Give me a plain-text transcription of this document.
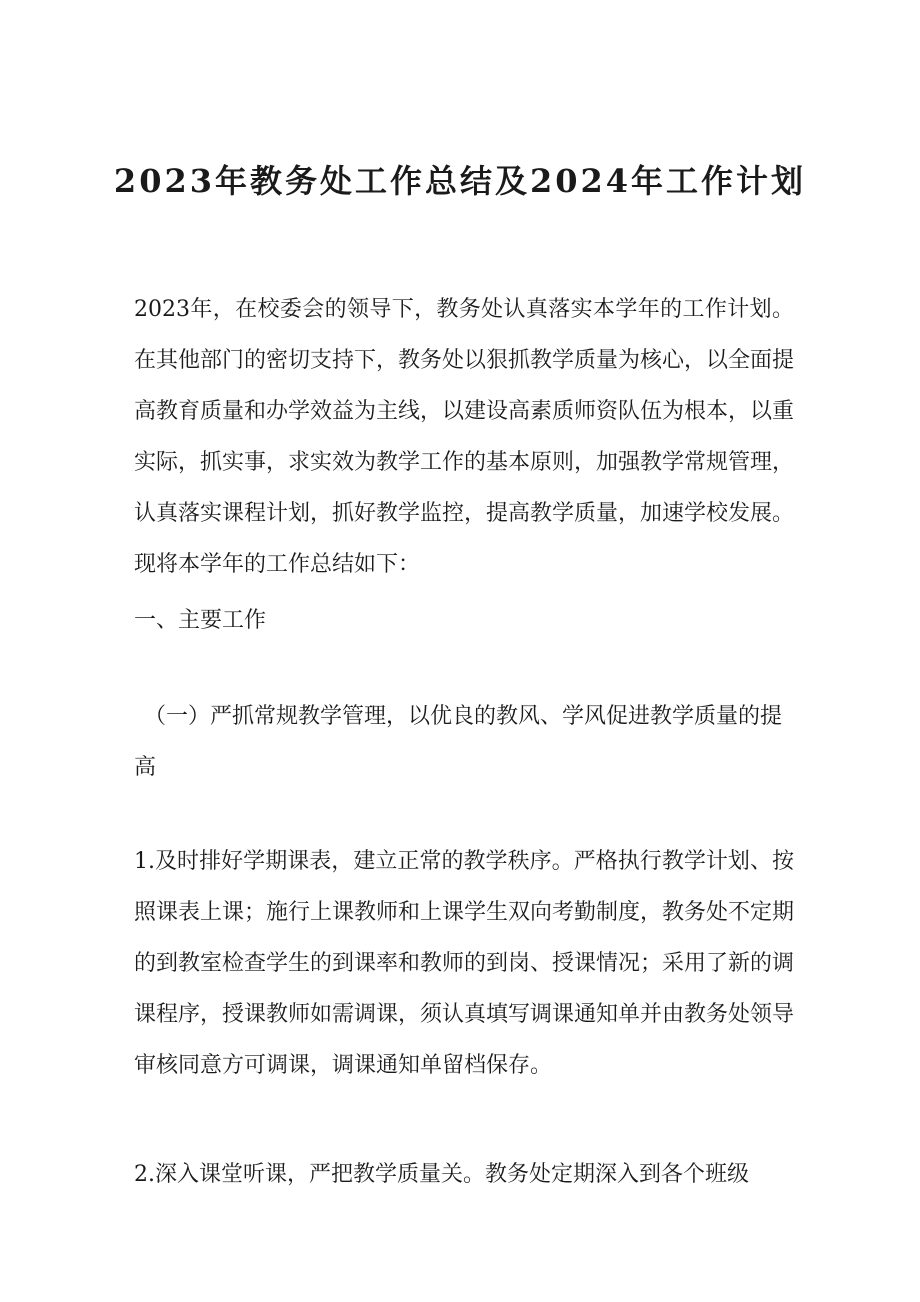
2023年教务处工作总结及2024年工作计划

2023年，在校委会的领导下，教务处认真落实本学年的工作计划。在其他部门的密切支持下，教务处以狠抓教学质量为核心，以全面提高教育质量和办学效益为主线，以建设高素质师资队伍为根本，以重实际，抓实事，求实效为教学工作的基本原则，加强教学常规管理，认真落实课程计划，抓好教学监控，提高教学质量，加速学校发展。现将本学年的工作总结如下：

一、主要工作
（一）严抓常规教学管理，以优良的教风、学风促进教学质量的提高

1.及时排好学期课表，建立正常的教学秩序。严格执行教学计划、按照课表上课；施行上课教师和上课学生双向考勤制度，教务处不定期的到教室检查学生的到课率和教师的到岗、授课情况；采用了新的调课程序，授课教师如需调课，须认真填写调课通知单并由教务处领导审核同意方可调课，调课通知单留档保存。

2.深入课堂听课，严把教学质量关。教务处定期深入到各个班级
